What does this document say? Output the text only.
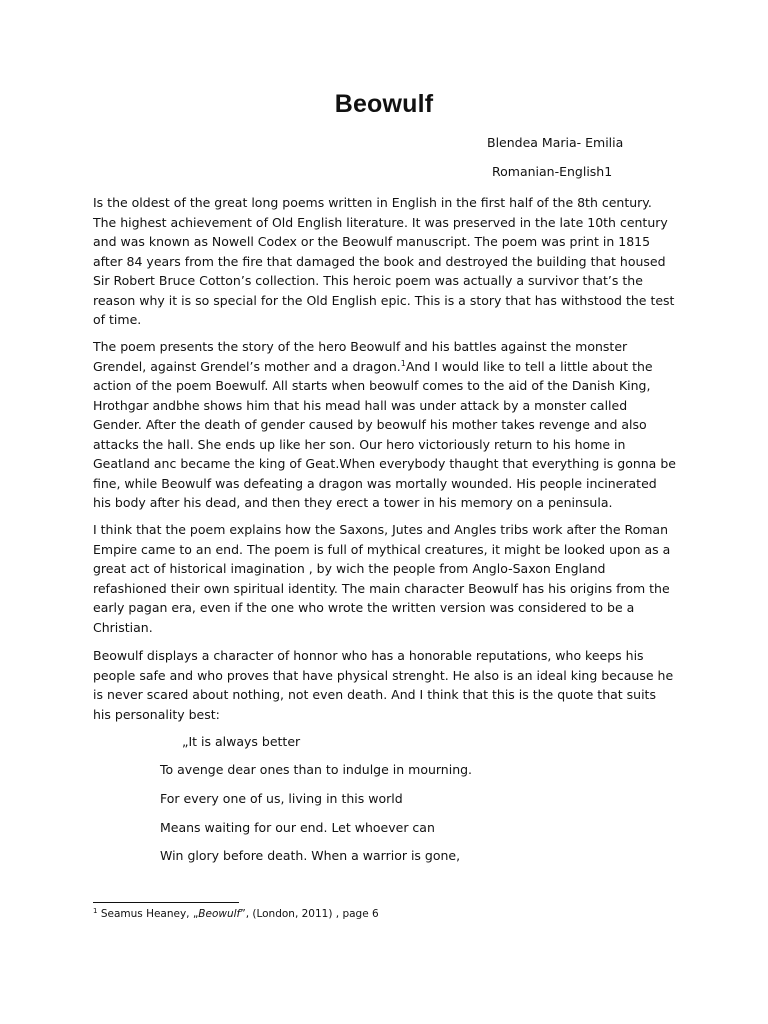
Beowulf
Blendea Maria- Emilia
Romanian-English1
Is the oldest of the great long poems written in English in the first half of the 8th century.
The highest achievement of Old English literature. It was preserved in the late 10th century
and was known as Nowell Codex or the Beowulf manuscript. The poem was print in 1815
after 84 years from the fire that damaged the book and destroyed the building that housed
Sir Robert Bruce Cotton’s collection. This heroic poem was actually a survivor that’s the
reason why it is so special for the Old English epic. This is a story that has withstood the test
of time.
The poem presents the story of the hero Beowulf and his battles against the monster
Grendel, against Grendel’s mother and a dragon.$^1$And I would like to tell a little about the
action of the poem Boewulf. All starts when beowulf comes to the aid of the Danish King,
Hrothgar andbhe shows him that his mead hall was under attack by a monster called
Gender. After the death of gender caused by beowulf his mother takes revenge and also
attacks the hall. She ends up like her son. Our hero victoriously return to his home in
Geatland anc became the king of Geat.When everybody thaught that everything is gonna be
fine, while Beowulf was defeating a dragon was mortally wounded. His people incinerated
his body after his dead, and then they erect a tower in his memory on a peninsula.
I think that the poem explains how the Saxons, Jutes and Angles tribs work after the Roman
Empire came to an end. The poem is full of mythical creatures, it might be looked upon as a
great act of historical imagination , by wich the people from Anglo-Saxon England
refashioned their own spiritual identity. The main character Beowulf has his origins from the
early pagan era, even if the one who wrote the written version was considered to be a
Christian.
Beowulf displays a character of honnor who has a honorable reputations, who keeps his
people safe and who proves that have physical strenght. He also is an ideal king because he
is never scared about nothing, not even death. And I think that this is the quote that suits
his personality best:
„It is always better
To avenge dear ones than to indulge in mourning.
For every one of us, living in this world
Means waiting for our end. Let whoever can
Win glory before death. When a warrior is gone,
$^1$ Seamus Heaney, „Beowulf”, (London, 2011) , page 6
